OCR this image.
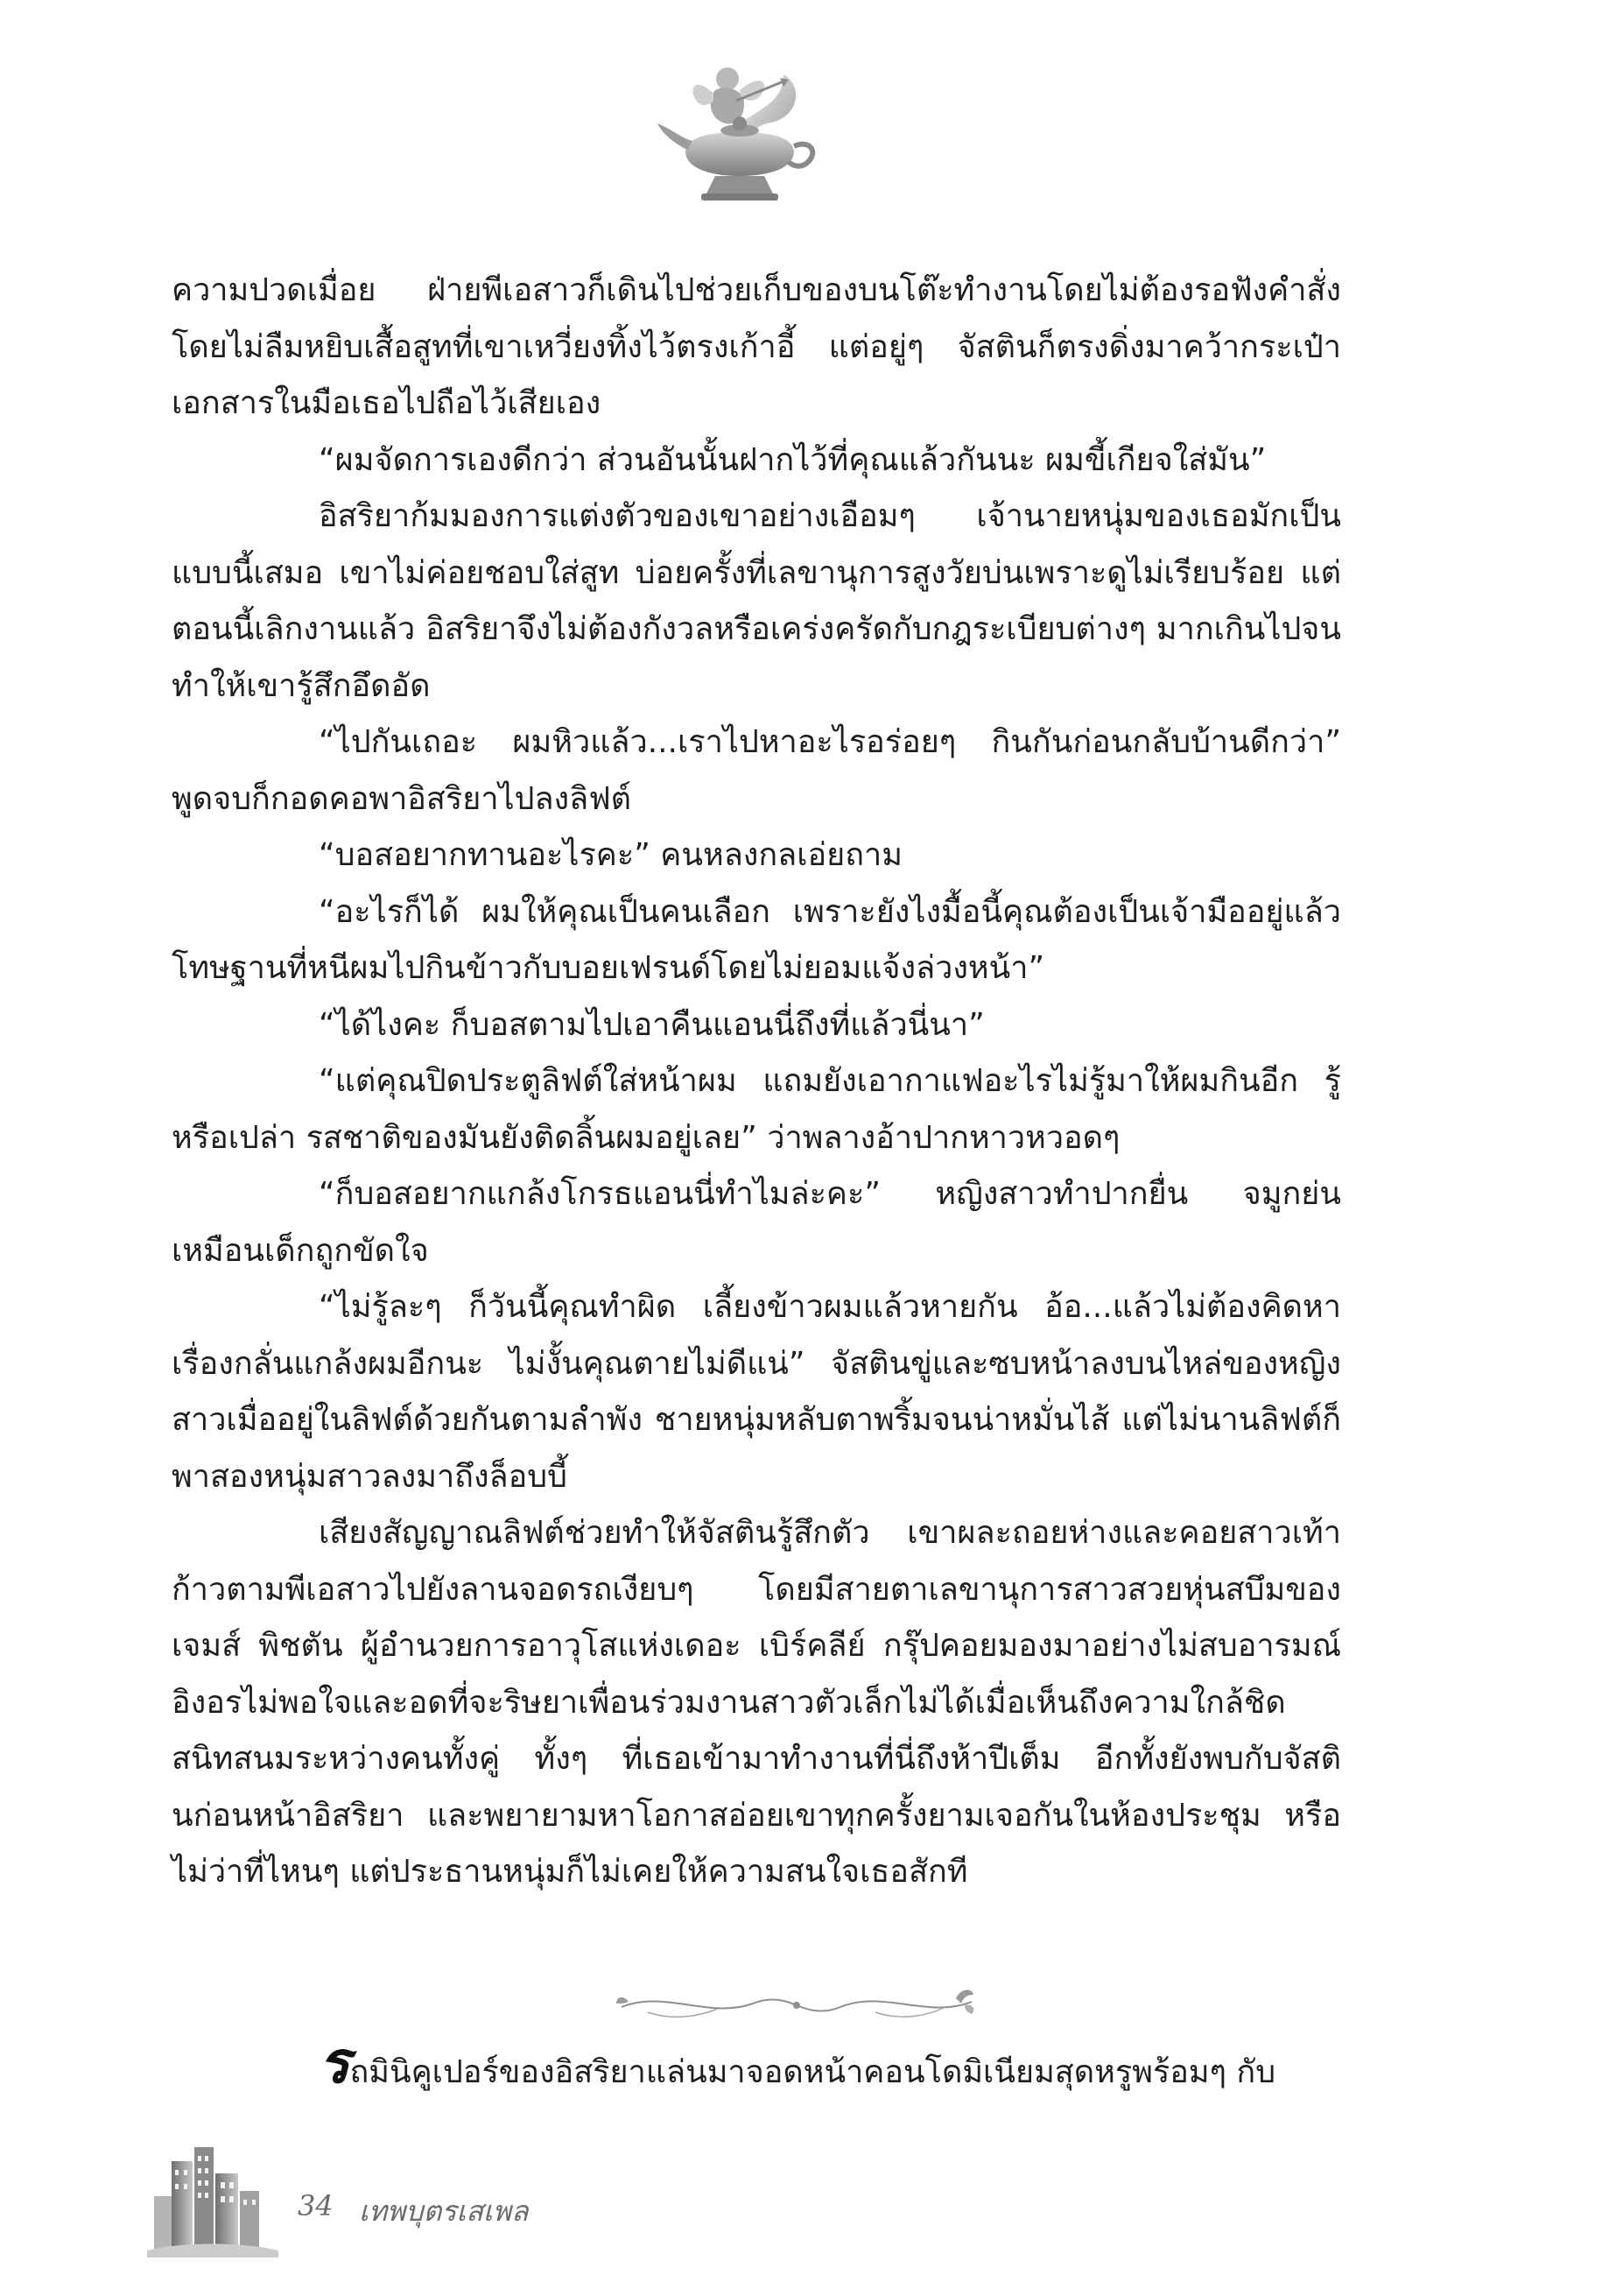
ความปวดเมื่อย ฝ่ายพีเอสาวก็เดินไปช่วยเก็บของบนโต๊ะทำงานโดยไม่ต้องรอฟังคำสั่ง โดยไม่ลืมหยิบเสื้อสูทที่เขาเหวี่ยงทิ้งไว้ตรงเก้าอี้ แต่อยู่ๆ จัสตินก็ตรงดิ่งมาคว้ากระเป๋าเอกสารในมือเธอไปถือไว้เสียเอง

“ผมจัดการเองดีกว่า ส่วนอันนั้นฝากไว้ที่คุณแล้วกันนะ ผมขี้เกียจใส่มัน”

อิสริยาก้มมองการแต่งตัวของเขาอย่างเอือมๆ เจ้านายหนุ่มของเธอมักเป็นแบบนี้เสมอ เขาไม่ค่อยชอบใส่สูท บ่อยครั้งที่เลขานุการสูงวัยบ่นเพราะดูไม่เรียบร้อย แต่ตอนนี้เลิกงานแล้ว อิสริยาจึงไม่ต้องกังวลหรือเคร่งครัดกับกฎระเบียบต่างๆ มากเกินไปจนทำให้เขารู้สึกอึดอัด

“ไปกันเถอะ ผมหิวแล้ว...เราไปหาอะไรอร่อยๆ กินกันก่อนกลับบ้านดีกว่า” พูดจบก็กอดคอพาอิสริยาไปลงลิฟต์

“บอสอยากทานอะไรคะ” คนหลงกลเอ่ยถาม

“อะไรก็ได้ ผมให้คุณเป็นคนเลือก เพราะยังไงมื้อนี้คุณต้องเป็นเจ้ามืออยู่แล้ว โทษฐานที่หนีผมไปกินข้าวกับบอยเฟรนด์โดยไม่ยอมแจ้งล่วงหน้า”

“ได้ไงคะ ก็บอสตามไปเอาคืนแอนนี่ถึงที่แล้วนี่นา”

“แต่คุณปิดประตูลิฟต์ใส่หน้าผม แถมยังเอากาแฟอะไรไม่รู้มาให้ผมกินอีก รู้หรือเปล่า รสชาติของมันยังติดลิ้นผมอยู่เลย” ว่าพลางอ้าปากหาวหวอดๆ

“ก็บอสอยากแกล้งโกรธแอนนี่ทำไมล่ะคะ” หญิงสาวทำปากยื่น จมูกย่นเหมือนเด็กถูกขัดใจ

“ไม่รู้ละๆ ก็วันนี้คุณทำผิด เลี้ยงข้าวผมแล้วหายกัน อ้อ...แล้วไม่ต้องคิดหาเรื่องกลั่นแกล้งผมอีกนะ ไม่งั้นคุณตายไม่ดีแน่” จัสตินขู่และซบหน้าลงบนไหล่ของหญิงสาวเมื่ออยู่ในลิฟต์ด้วยกันตามลำพัง ชายหนุ่มหลับตาพริ้มจนน่าหมั่นไส้ แต่ไม่นานลิฟต์ก็พาสองหนุ่มสาวลงมาถึงล็อบบี้

เสียงสัญญาณลิฟต์ช่วยทำให้จัสตินรู้สึกตัว เขาผละถอยห่างและคอยสาวเท้าก้าวตามพีเอสาวไปยังลานจอดรถเงียบๆ โดยมีสายตาเลขานุการสาวสวยหุ่นสบึมของเจมส์ พิชตัน ผู้อำนวยการอาวุโสแห่งเดอะ เบิร์คลีย์ กรุ๊ปคอยมองมาอย่างไม่สบอารมณ์ อิงอรไม่พอใจและอดที่จะริษยาเพื่อนร่วมงานสาวตัวเล็กไม่ได้เมื่อเห็นถึงความใกล้ชิดสนิทสนมระหว่างคนทั้งคู่ ทั้งๆ ที่เธอเข้ามาทำงานที่นี่ถึงห้าปีเต็ม อีกทั้งยังพบกับจัสตินก่อนหน้าอิสริยา และพยายามหาโอกาสอ่อยเขาทุกครั้งยามเจอกันในห้องประชุม หรือไม่ว่าที่ไหนๆ แต่ประธานหนุ่มก็ไม่เคยให้ความสนใจเธอสักที

รถมินิคูเปอร์ของอิสริยาแล่นมาจอดหน้าคอนโดมิเนียมสุดหรูพร้อมๆ กับ
34 เทพบุตรเสเพล
